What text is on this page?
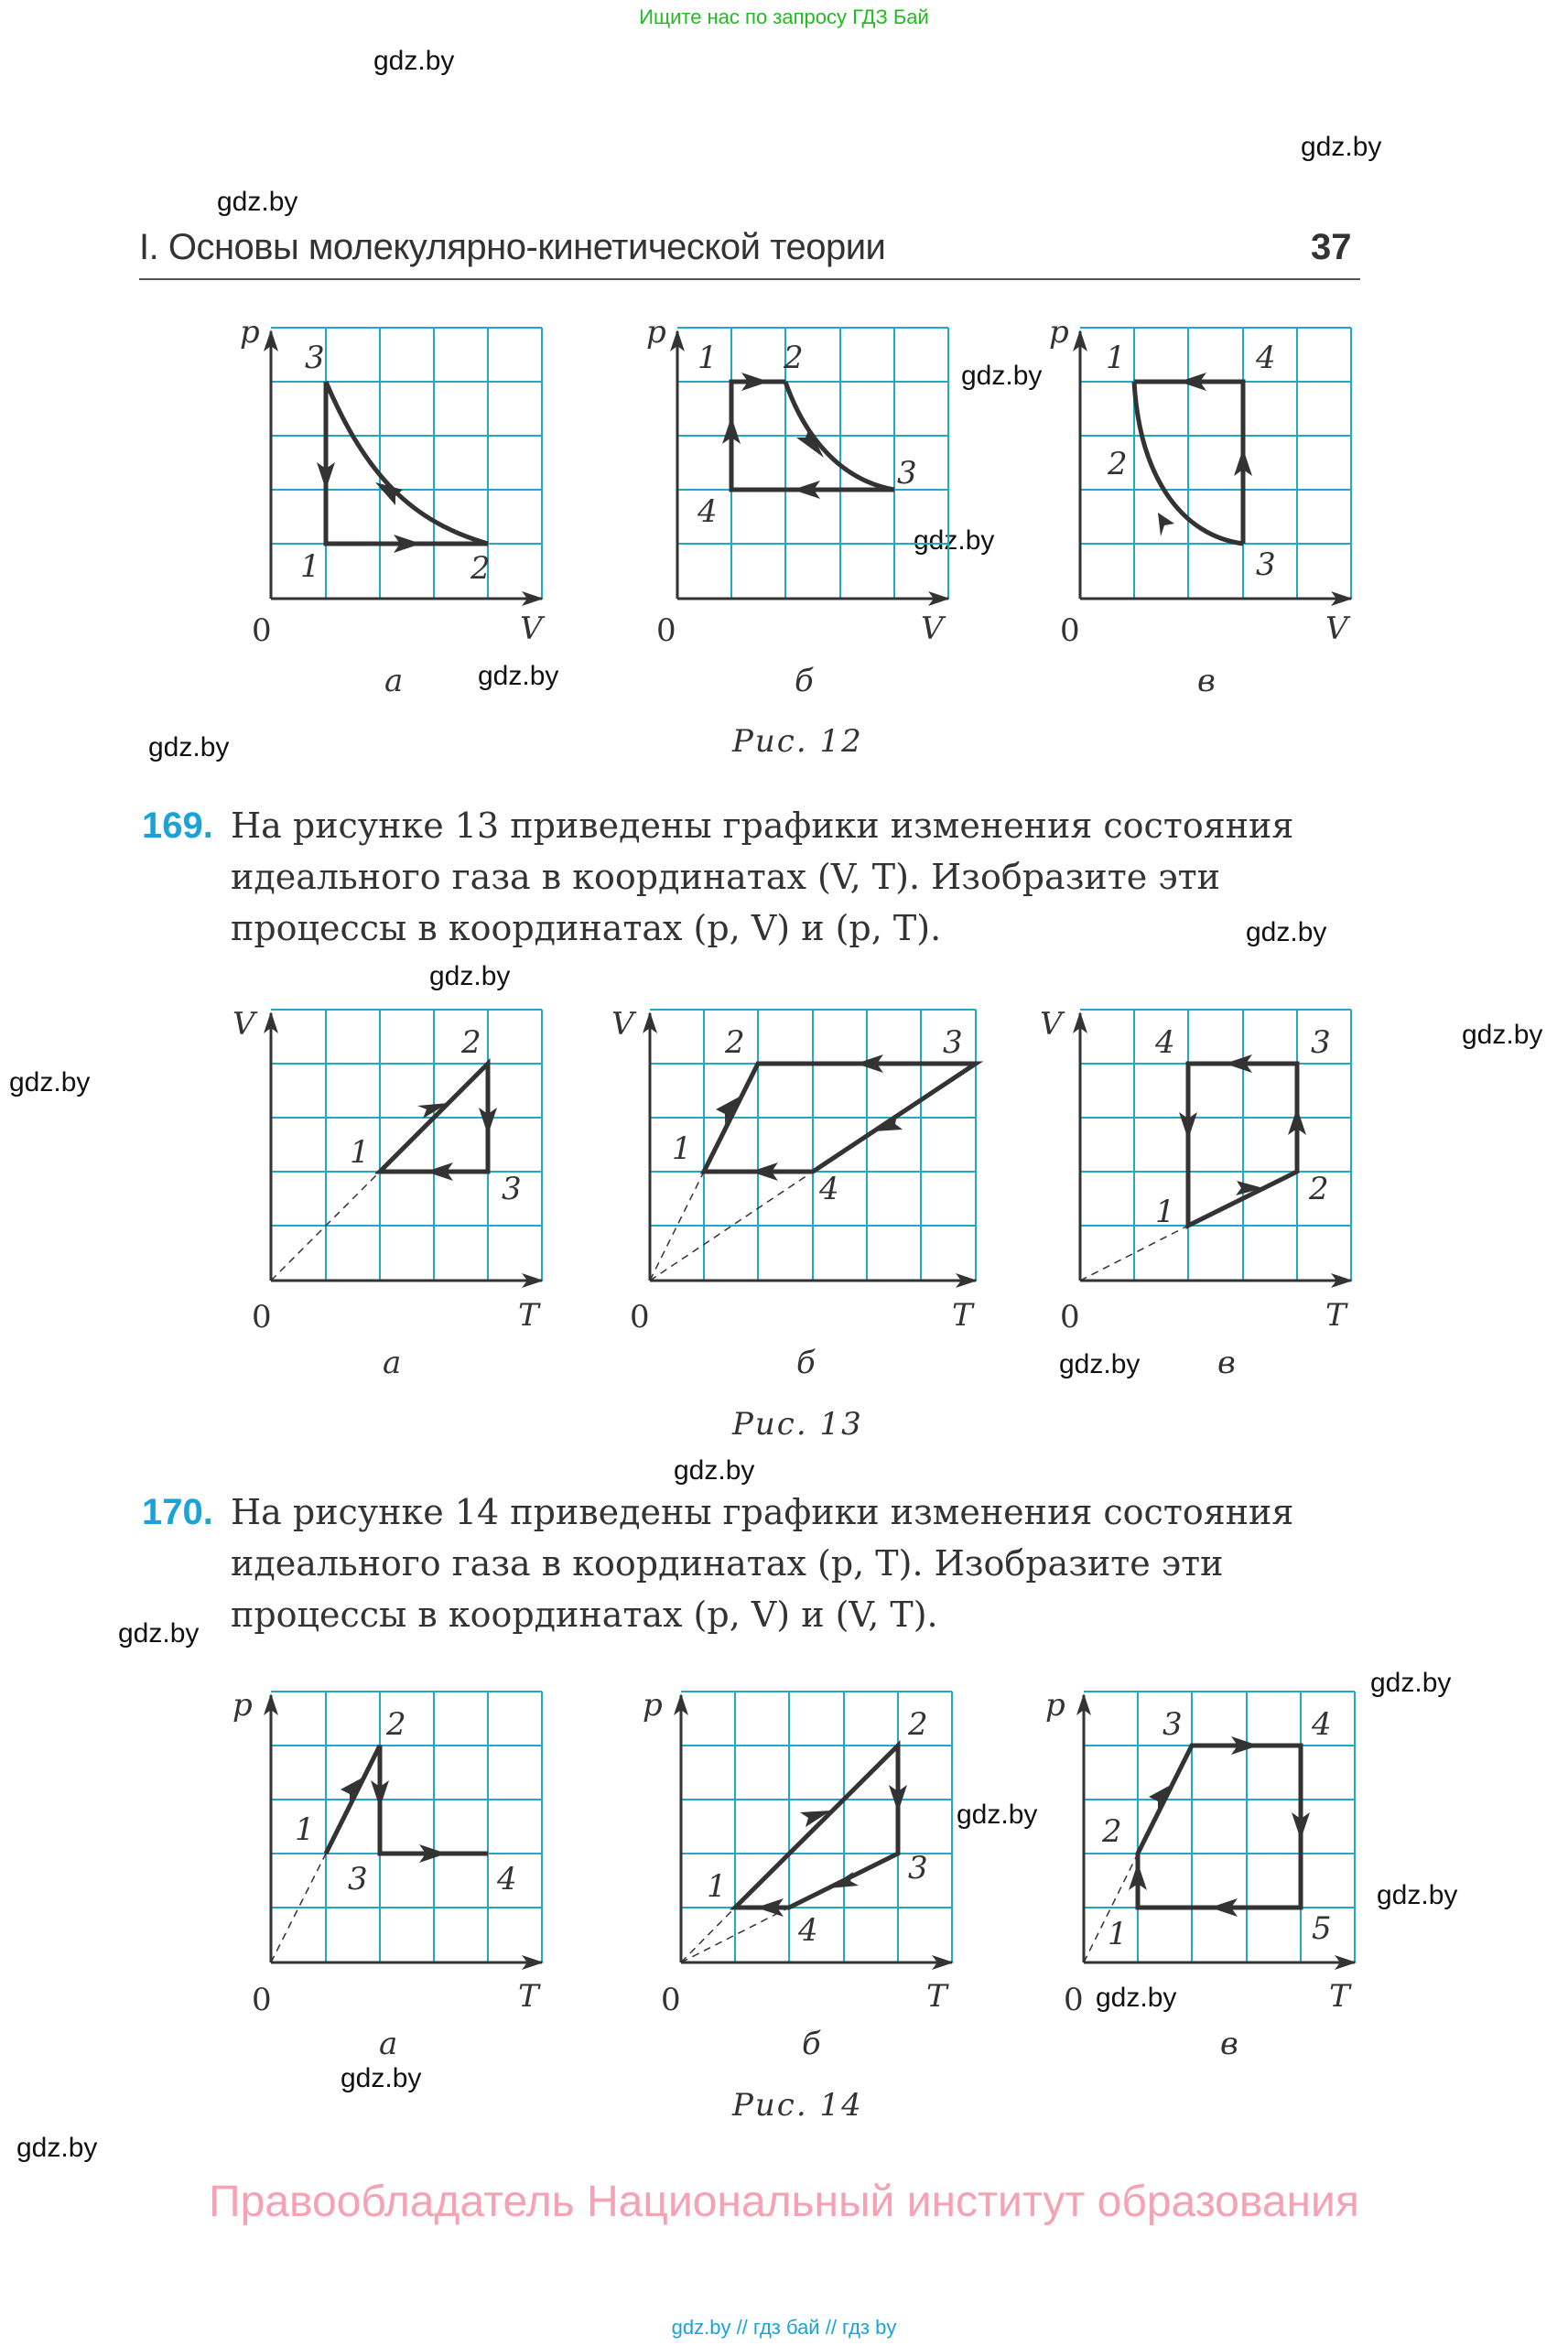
Ищите нас по запросу ГДЗ Бай
gdz.by
gdz.by
gdz.by
gdz.by
gdz.by
gdz.by
gdz.by
gdz.by
gdz.by
gdz.by
gdz.by
gdz.by
gdz.by
gdz.by
gdz.by
gdz.by
gdz.by
gdz.by
gdz.by
gdz.by
I. Основы молекулярно-кинетической теории	37
p
V
0
3
1	2
а
p
V
0
1 2
3
4
б
p
V
0
1
2
3
4
в
Рис. 12
169. На рисунке 13 приведены графики изменения состояния
идеального газа в координатах (V, T). Изобразите эти
процессы в координатах (p, V) и (p, T).
V
T
0
1
2
3
а
V
T
0
1
2	3
4
б
V
T
0
1
2
3
4
в
Рис. 13
170. На рисунке 14 приведены графики изменения состояния
идеального газа в координатах (p, T). Изобразите эти
процессы в координатах (p, V) и (V, T).
p
T
0
1
2
3	4
а
p
T
0
1
2
3
4
б
p
T
0
1
2
3	4
5
в
Рис. 14
Правообладатель Национальный институт образования
gdz.by // гдз бай // гдз by
